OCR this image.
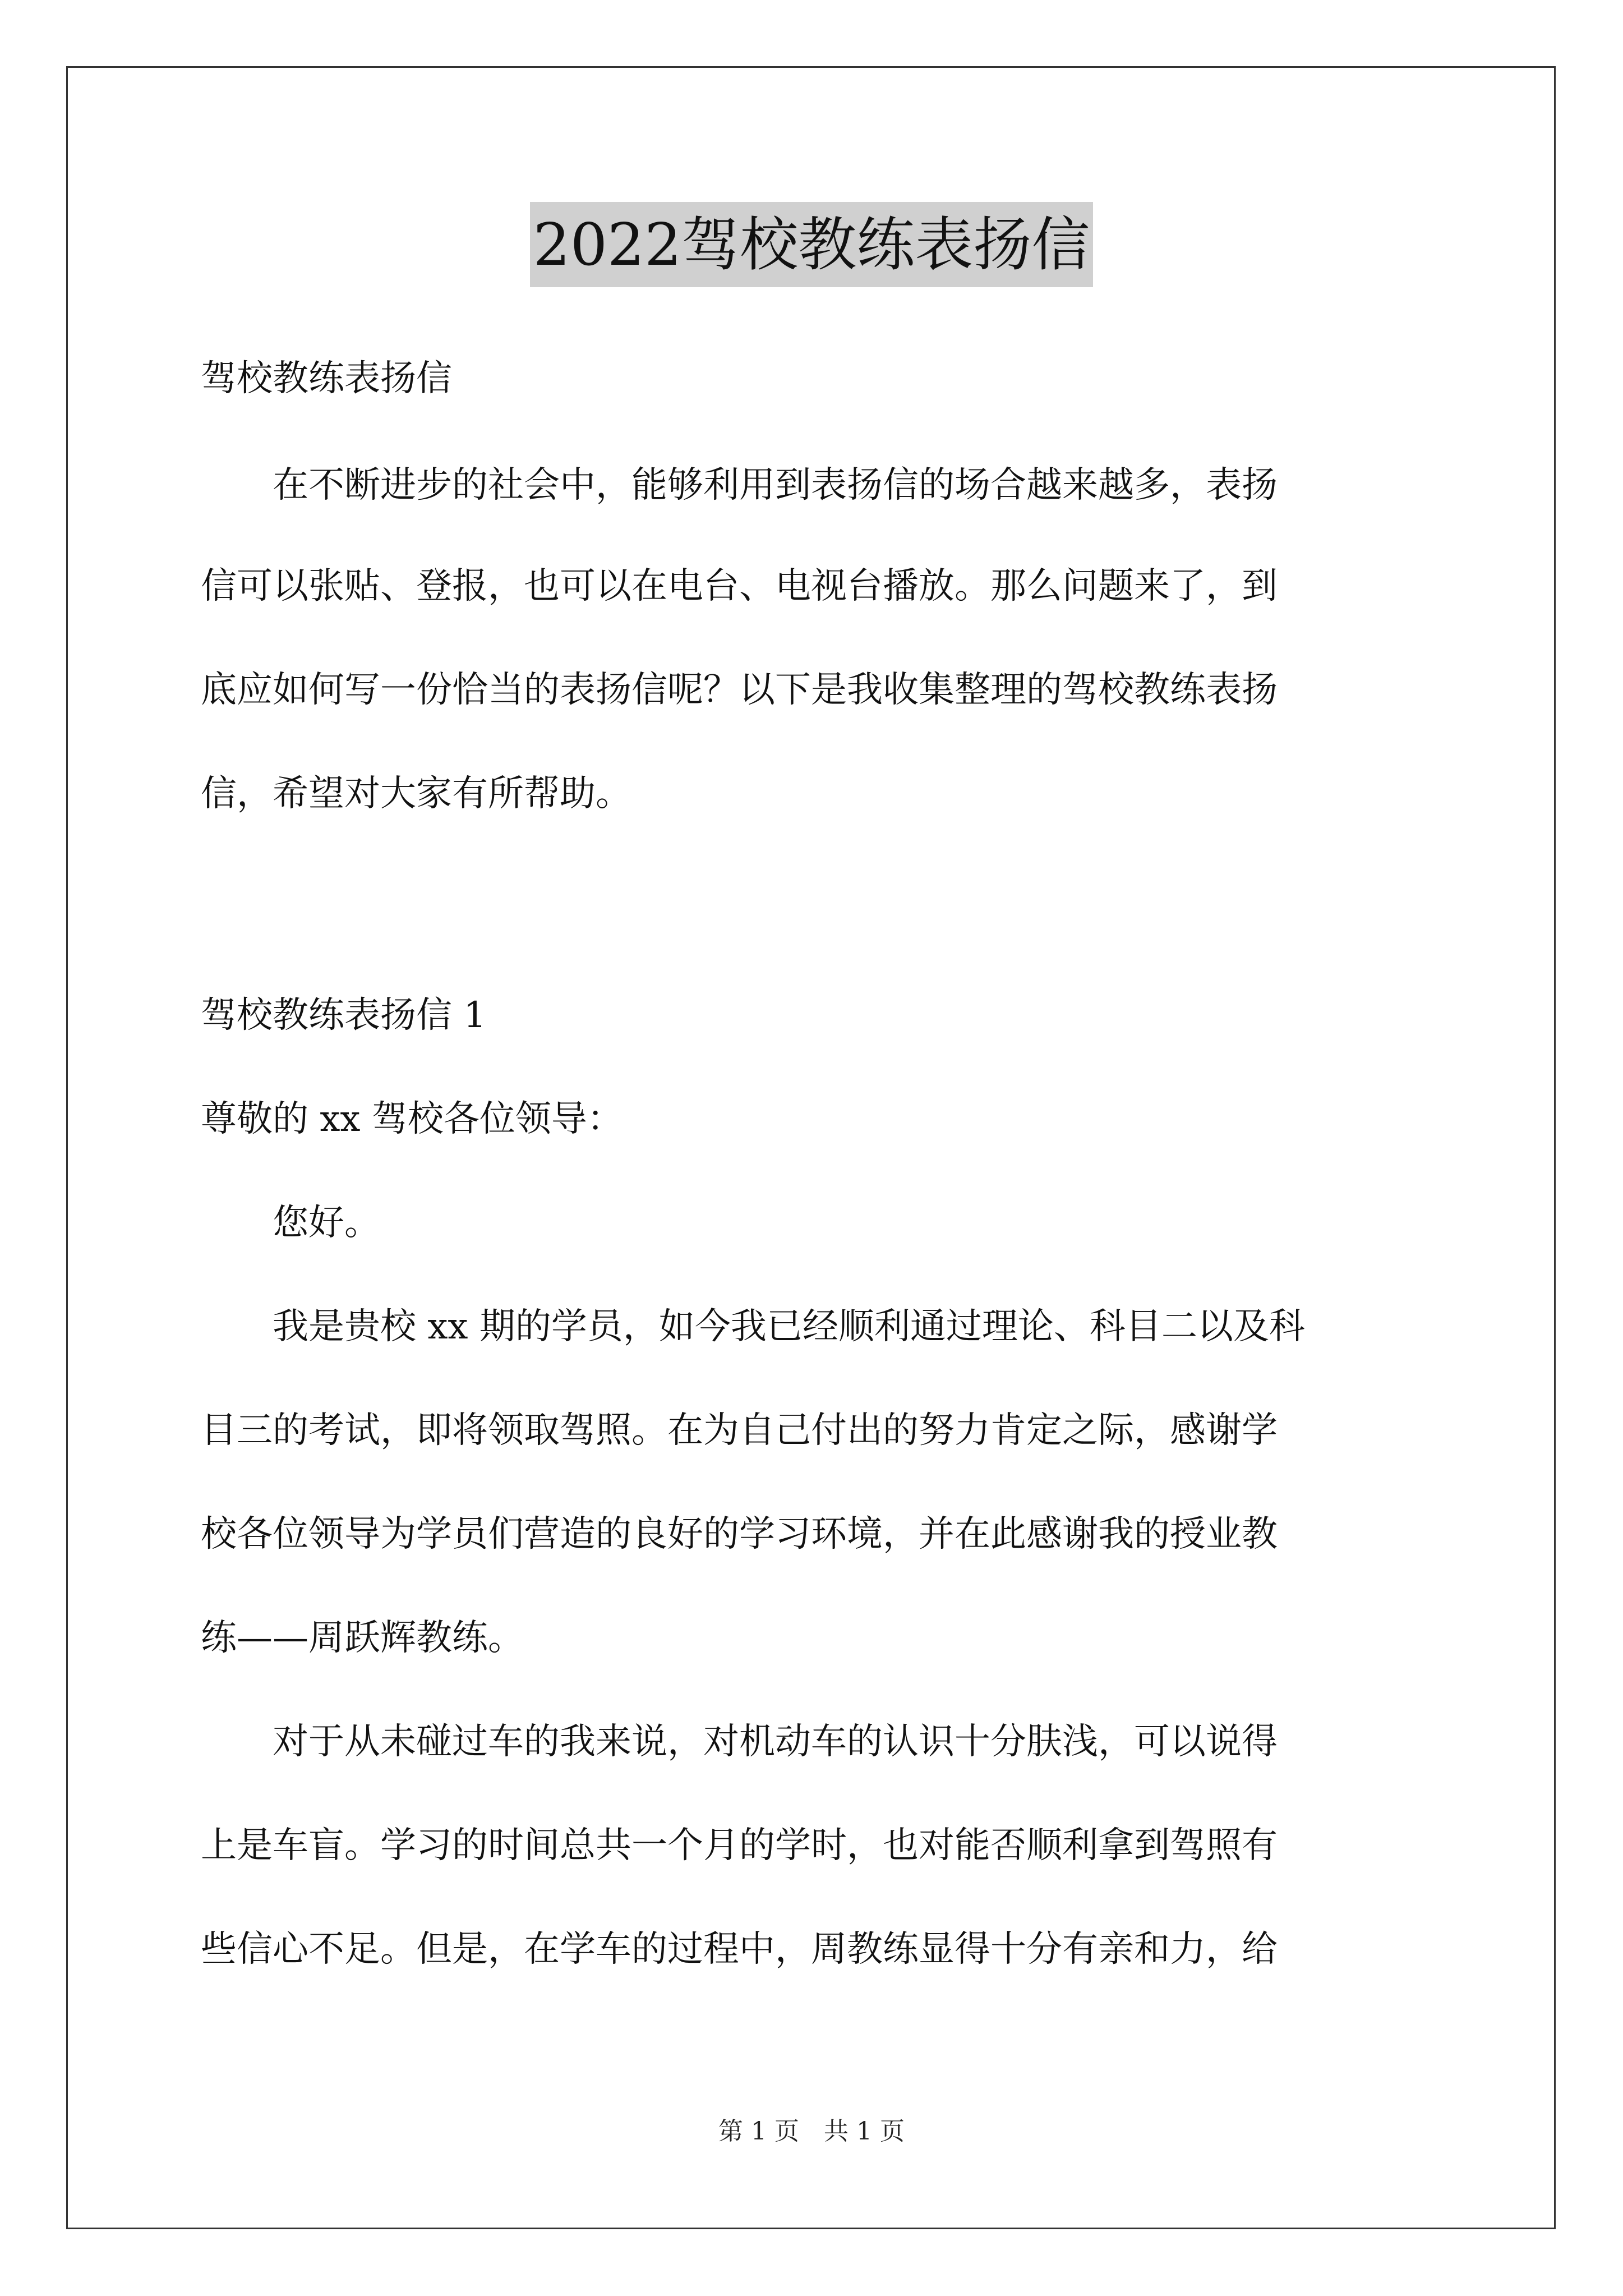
2022驾校教练表扬信
驾校教练表扬信
在不断进步的社会中，能够利用到表扬信的场合越来越多，表扬
信可以张贴、登报，也可以在电台、电视台播放。那么问题来了，到
底应如何写一份恰当的表扬信呢？以下是我收集整理的驾校教练表扬
信，希望对大家有所帮助。
驾校教练表扬信 1
尊敬的 xx 驾校各位领导：
您好。
我是贵校 xx 期的学员，如今我已经顺利通过理论、科目二以及科
目三的考试，即将领取驾照。在为自己付出的努力肯定之际，感谢学
校各位领导为学员们营造的良好的学习环境，并在此感谢我的授业教
练——周跃辉教练。
对于从未碰过车的我来说，对机动车的认识十分肤浅，可以说得
上是车盲。学习的时间总共一个月的学时，也对能否顺利拿到驾照有
些信心不足。但是，在学车的过程中，周教练显得十分有亲和力，给
第 1 页　共 1 页
